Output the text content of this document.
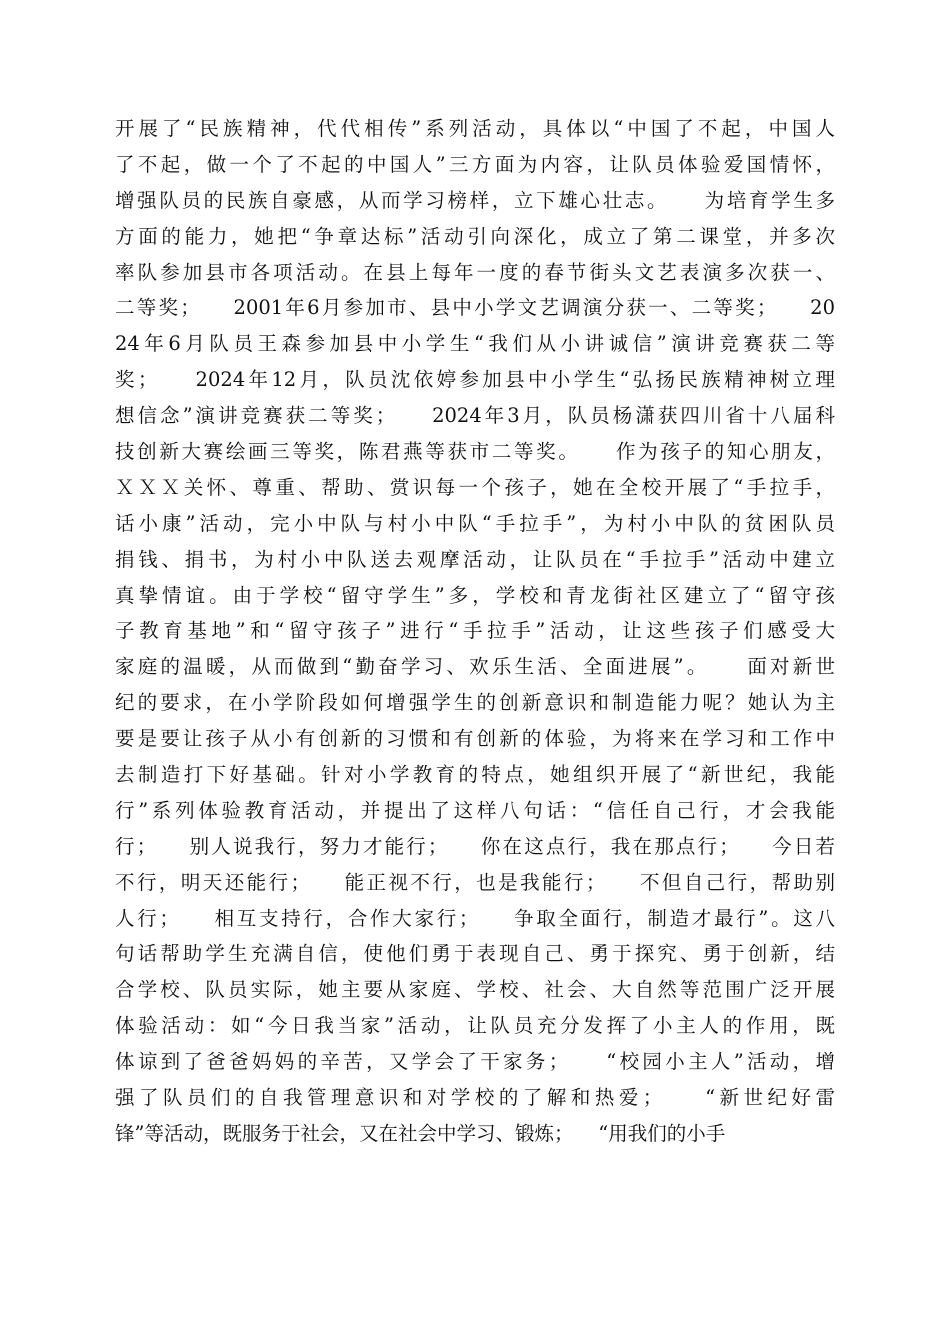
开展了“民族精神，代代相传”系列活动，具体以“中国了不起，中国人
了不起，做一个了不起的中国人”三方面为内容，让队员体验爱国情怀，
增强队员的民族自豪感，从而学习榜样，立下雄心壮志。    为培育学生多
方面的能力，她把“争章达标”活动引向深化，成立了第二课堂，并多次
率队参加县市各项活动。在县上每年一度的春节街头文艺表演多次获一、
二等奖；    2001年6月参加市、县中小学文艺调演分获一、二等奖；    20
24年6月队员王森参加县中小学生“我们从小讲诚信”演讲竞赛获二等
奖；    2024年12月，队员沈依婷参加县中小学生“弘扬民族精神树立理
想信念”演讲竞赛获二等奖；    2024年3月，队员杨潇获四川省十八届科
技创新大赛绘画三等奖，陈君燕等获市二等奖。    作为孩子的知心朋友，
ＸＸＸ关怀、尊重、帮助、赏识每一个孩子，她在全校开展了“手拉手，
话小康”活动，完小中队与村小中队“手拉手”，为村小中队的贫困队员
捐钱、捐书，为村小中队送去观摩活动，让队员在“手拉手”活动中建立
真挚情谊。由于学校“留守学生”多，学校和青龙街社区建立了“留守孩
子教育基地”和“留守孩子”进行“手拉手”活动，让这些孩子们感受大
家庭的温暖，从而做到“勤奋学习、欢乐生活、全面进展”。    面对新世
纪的要求，在小学阶段如何增强学生的创新意识和制造能力呢？她认为主
要是要让孩子从小有创新的习惯和有创新的体验，为将来在学习和工作中
去制造打下好基础。针对小学教育的特点，她组织开展了“新世纪，我能
行”系列体验教育活动，并提出了这样八句话：“信任自己行，才会我能
行；    别人说我行，努力才能行；    你在这点行，我在那点行；    今日若
不行，明天还能行；    能正视不行，也是我能行；    不但自己行，帮助别
人行；    相互支持行，合作大家行；    争取全面行，制造才最行”。这八
句话帮助学生充满自信，使他们勇于表现自己、勇于探究、勇于创新，结
合学校、队员实际，她主要从家庭、学校、社会、大自然等范围广泛开展
体验活动：如“今日我当家”活动，让队员充分发挥了小主人的作用，既
体谅到了爸爸妈妈的辛苦，又学会了干家务；    “校园小主人”活动，增
强了队员们的自我管理意识和对学校的了解和热爱；    “新世纪好雷
锋”等活动，既服务于社会，又在社会中学习、锻炼；    “用我们的小手
